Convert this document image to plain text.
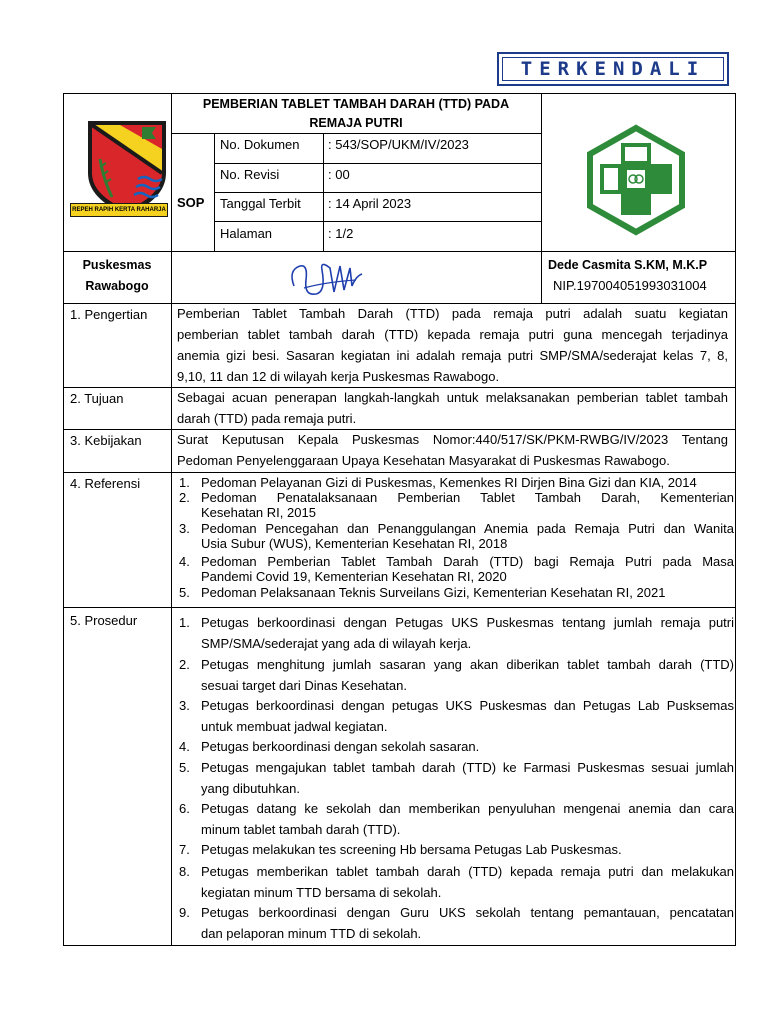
TERKENDALI
REPEH RAPIH KERTA RAHARJA
PEMBERIAN TABLET TAMBAH DARAH (TTD) PADA
REMAJA PUTRI
SOP
No. Dokumen : 543/SOP/UKM/IV/2023
No. Revisi	: 00
Tanggal Terbit : 14 April 2023
Halaman	: 1/2
Puskesmas
Rawabogo
Dede Casmita S.KM, M.K.P
NIP.197004051993031004
1. Pengertian Pemberian Tablet Tambah Darah (TTD) pada remaja putri adalah suatu kegiatan
pemberian tablet tambah darah (TTD) kepada remaja putri guna mencegah terjadinya
anemia gizi besi. Sasaran kegiatan ini adalah remaja putri SMP/SMA/sederajat kelas 7, 8,
9,10, 11 dan 12 di wilayah kerja Puskesmas Rawabogo.
2. Tujuan	Sebagai acuan penerapan langkah-langkah untuk melaksanakan pemberian tablet tambah
darah (TTD) pada remaja putri.
3. Kebijakan	Surat Keputusan Kepala Puskesmas Nomor:440/517/SK/PKM-RWBG/IV/2023 Tentang
Pedoman Penyelenggaraan Upaya Kesehatan Masyarakat di Puskesmas Rawabogo.
4. Referensi	1. Pedoman Pelayanan Gizi di Puskesmas, Kemenkes RI Dirjen Bina Gizi dan KIA, 2014
2. Pedoman Penatalaksanaan Pemberian Tablet Tambah Darah, Kementerian
Kesehatan RI, 2015
3. Pedoman Pencegahan dan Penanggulangan Anemia pada Remaja Putri dan Wanita
Usia Subur (WUS), Kementerian Kesehatan RI, 2018
4. Pedoman Pemberian Tablet Tambah Darah (TTD) bagi Remaja Putri pada Masa
Pandemi Covid 19, Kementerian Kesehatan RI, 2020
5. Pedoman Pelaksanaan Teknis Surveilans Gizi, Kementerian Kesehatan RI, 2021
5. Prosedur	1. Petugas berkoordinasi dengan Petugas UKS Puskesmas tentang jumlah remaja putri
SMP/SMA/sederajat yang ada di wilayah kerja.
2. Petugas menghitung jumlah sasaran yang akan diberikan tablet tambah darah (TTD)
sesuai target dari Dinas Kesehatan.
3. Petugas berkoordinasi dengan petugas UKS Puskesmas dan Petugas Lab Pusksemas
untuk membuat jadwal kegiatan.
4. Petugas berkoordinasi dengan sekolah sasaran.
5. Petugas mengajukan tablet tambah darah (TTD) ke Farmasi Puskesmas sesuai jumlah
yang dibutuhkan.
6. Petugas datang ke sekolah dan memberikan penyuluhan mengenai anemia dan cara
minum tablet tambah darah (TTD).
7. Petugas melakukan tes screening Hb bersama Petugas Lab Puskesmas.
8. Petugas memberikan tablet tambah darah (TTD) kepada remaja putri dan melakukan
kegiatan minum TTD bersama di sekolah.
9. Petugas berkoordinasi dengan Guru UKS sekolah tentang pemantauan, pencatatan
dan pelaporan minum TTD di sekolah.
